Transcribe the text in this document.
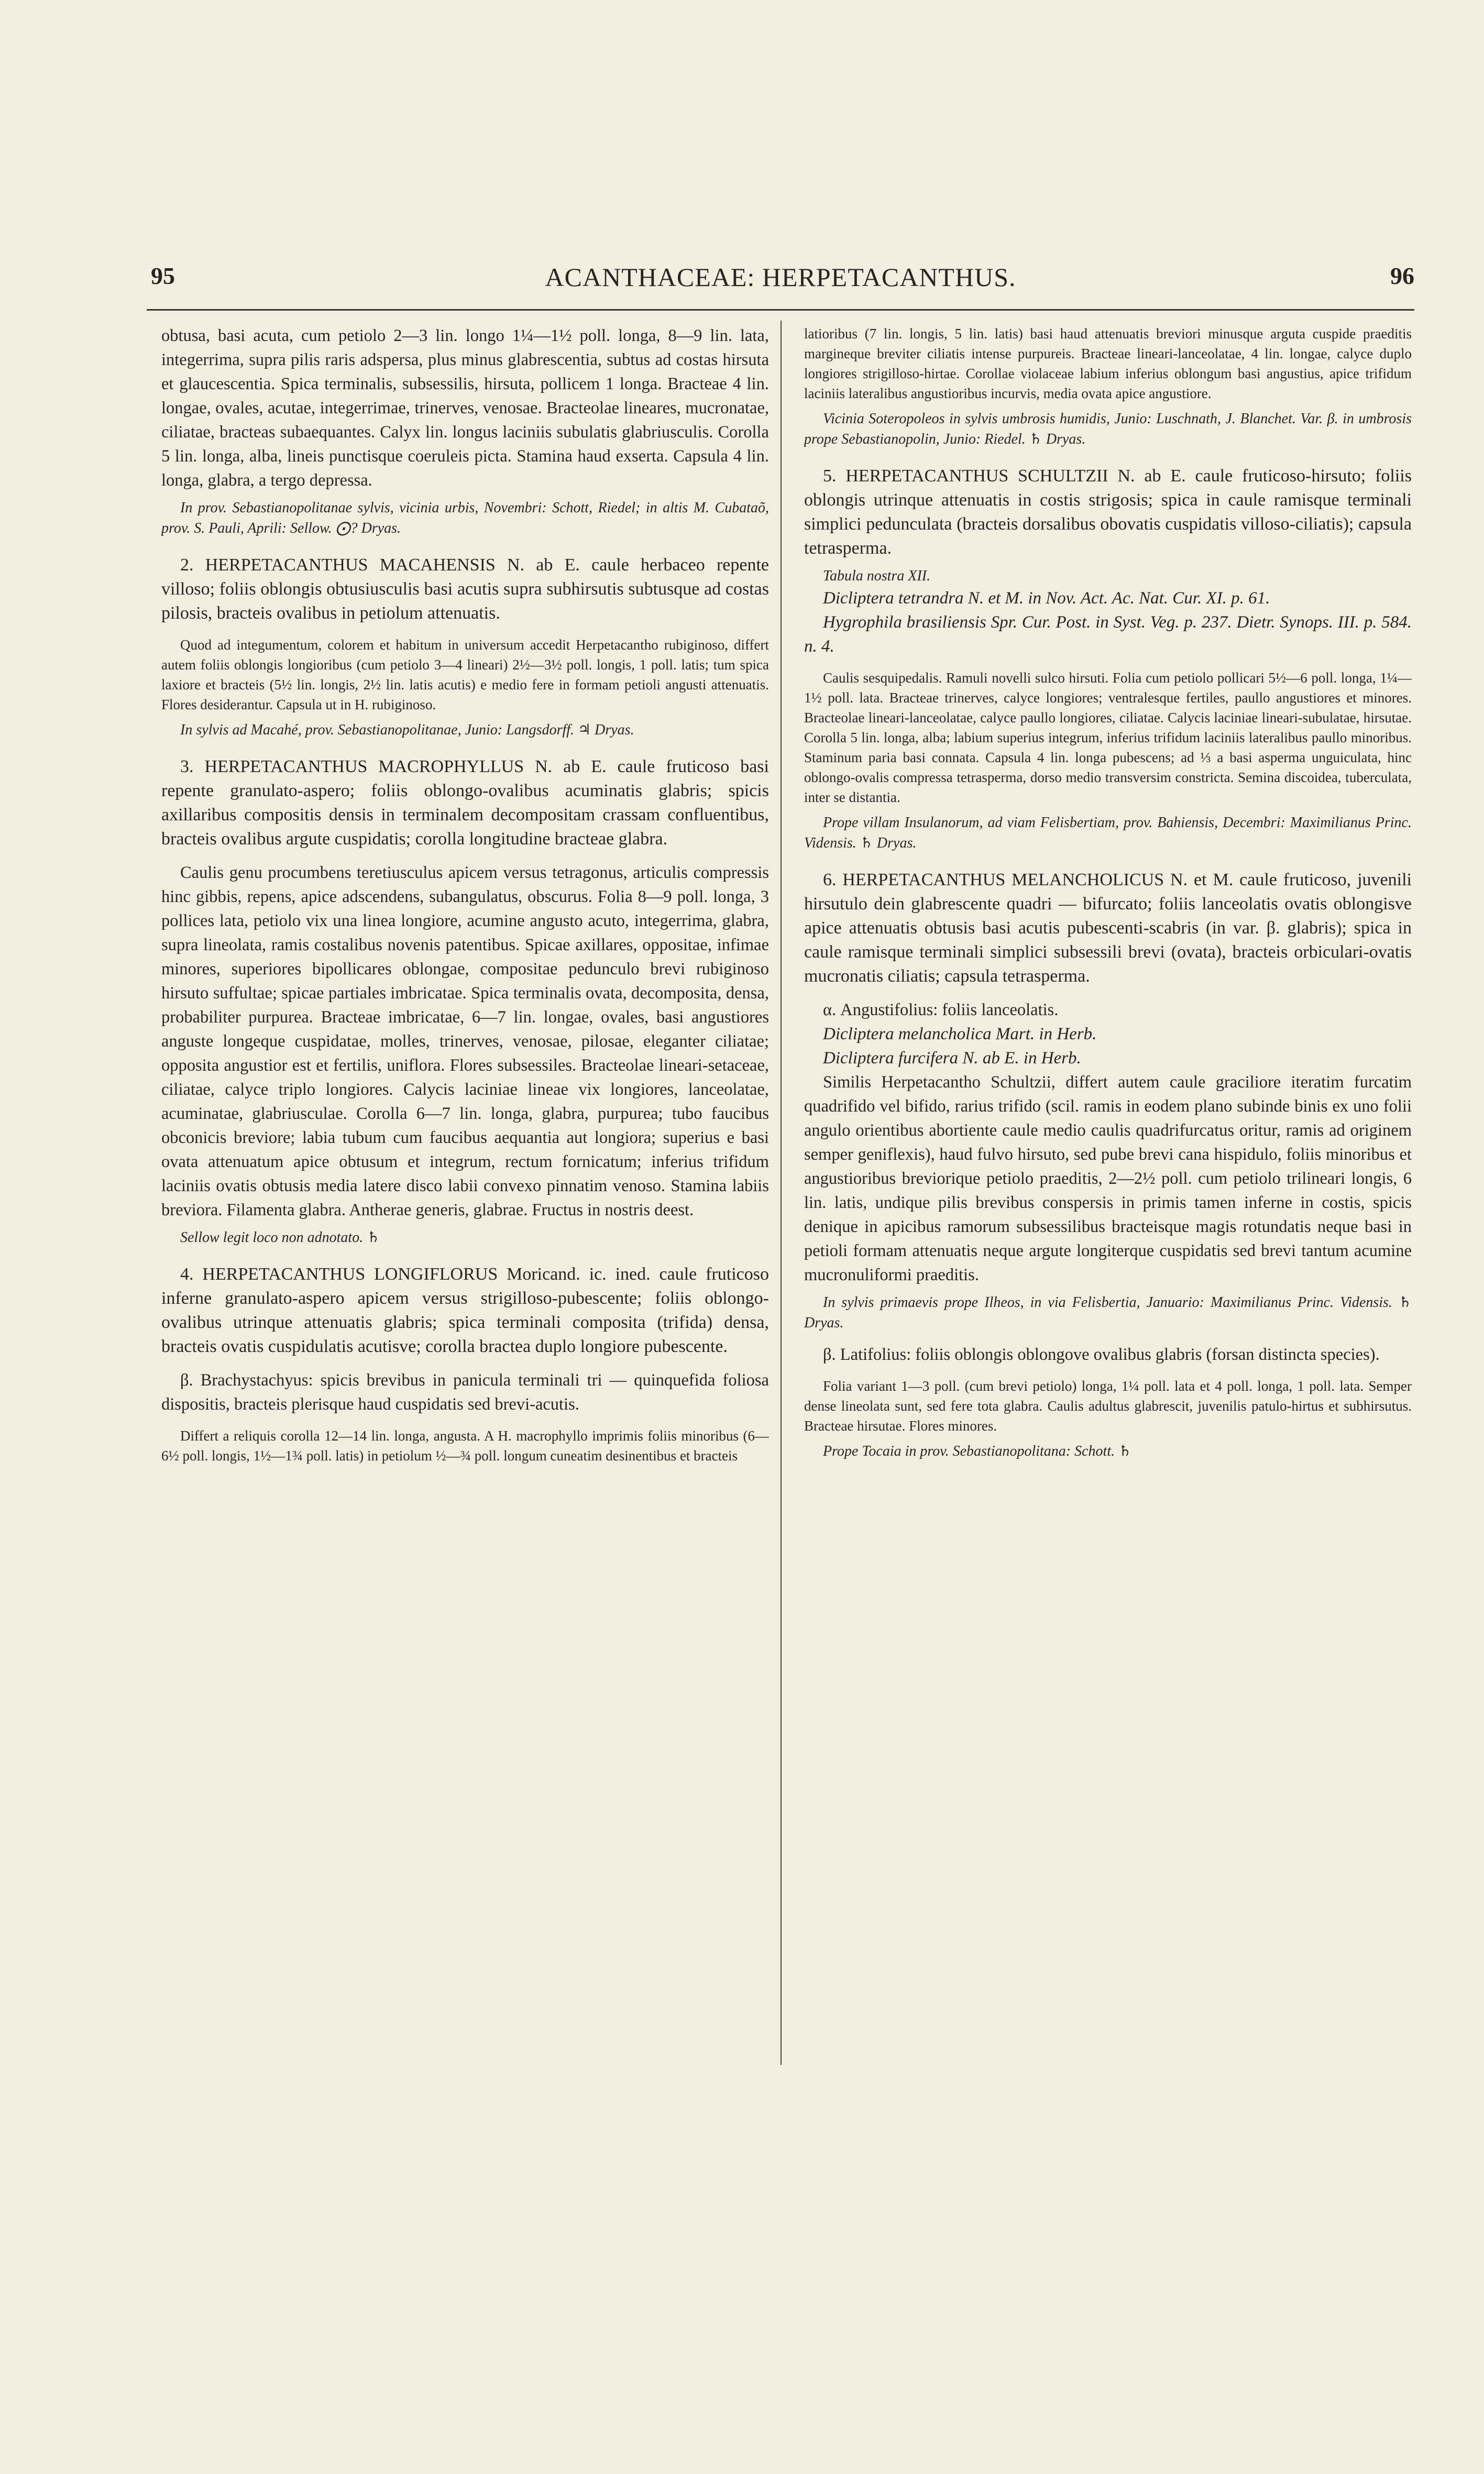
95	ACANTHACEAE: HERPETACANTHUS.	96

obtusa, basi acuta, cum petiolo 2—3 lin. longo 1¼—1½ poll. longa, 8—9 lin. lata, integerrima, supra pilis raris adspersa, plus minus glabrescentia, subtus ad costas hirsuta et glaucescentia. Spica terminalis, subsessilis, hirsuta, pollicem 1 longa. Bracteae 4 lin. longae, ovales, acutae, integerrimae, trinerves, venosae. Bracteolae lineares, mucronatae, ciliatae, bracteas subaequantes. Calyx lin. longus laciniis subulatis glabriusculis. Corolla 5 lin. longa, alba, lineis punctisque coeruleis picta. Stamina haud exserta. Capsula 4 lin. longa, glabra, a tergo depressa.

In prov. Sebastianopolitanae sylvis, vicinia urbis, Novembri: Schott, Riedel; in altis M. Cubataõ, prov. S. Pauli, Aprili: Sellow. ⨀? Dryas.

2. HERPETACANTHUS MACAHENSIS N. ab E. caule herbaceo repente villoso; foliis oblongis obtusiusculis basi acutis supra subhirsutis subtusque ad costas pilosis, bracteis ovalibus in petiolum attenuatis.

Quod ad integumentum, colorem et habitum in universum accedit Herpetacantho rubiginoso, differt autem foliis oblongis longioribus (cum petiolo 3—4 lineari) 2½—3½ poll. longis, 1 poll. latis; tum spica laxiore et bracteis (5½ lin. longis, 2½ lin. latis acutis) e medio fere in formam petioli angusti attenuatis. Flores desiderantur. Capsula ut in H. rubiginoso.

In sylvis ad Macahé, prov. Sebastianopolitanae, Junio: Langsdorff. ♃ Dryas.

3. HERPETACANTHUS MACROPHYLLUS N. ab E. caule fruticoso basi repente granulato-aspero; foliis oblongo-ovalibus acuminatis glabris; spicis axillaribus compositis densis in terminalem decompositam crassam confluentibus, bracteis ovalibus argute cuspidatis; corolla longitudine bracteae glabra.

Caulis genu procumbens teretiusculus apicem versus tetragonus, articulis compressis hinc gibbis, repens, apice adscendens, subangulatus, obscurus. Folia 8—9 poll. longa, 3 pollices lata, petiolo vix una linea longiore, acumine angusto acuto, integerrima, glabra, supra lineolata, ramis costalibus novenis patentibus. Spicae axillares, oppositae, infimae minores, superiores bipollicares oblongae, compositae pedunculo brevi rubiginoso hirsuto suffultae; spicae partiales imbricatae. Spica terminalis ovata, decomposita, densa, probabiliter purpurea. Bracteae imbricatae, 6—7 lin. longae, ovales, basi angustiores anguste longeque cuspidatae, molles, trinerves, venosae, pilosae, eleganter ciliatae; opposita angustior est et fertilis, uniflora. Flores subsessiles. Bracteolae lineari-setaceae, ciliatae, calyce triplo longiores. Calycis laciniae lineae vix longiores, lanceolatae, acuminatae, glabriusculae. Corolla 6—7 lin. longa, glabra, purpurea; tubo faucibus obconicis breviore; labia tubum cum faucibus aequantia aut longiora; superius e basi ovata attenuatum apice obtusum et integrum, rectum fornicatum; inferius trifidum laciniis ovatis obtusis media latere disco labii convexo pinnatim venoso. Stamina labiis breviora. Filamenta glabra. Antherae generis, glabrae. Fructus in nostris deest.

Sellow legit loco non adnotato. ♄

4. HERPETACANTHUS LONGIFLORUS Moricand. ic. ined. caule fruticoso inferne granulato-aspero apicem versus strigilloso-pubescente; foliis oblongo-ovalibus utrinque attenuatis glabris; spica terminali composita (trifida) densa, bracteis ovatis cuspidulatis acutisve; corolla bractea duplo longiore pubescente.

β. Brachystachyus: spicis brevibus in panicula terminali tri — quinquefida foliosa dispositis, bracteis plerisque haud cuspidatis sed brevi-acutis.

Differt a reliquis corolla 12—14 lin. longa, angusta. A H. macrophyllo imprimis foliis minoribus (6—6½ poll. longis, 1½—1¾ poll. latis) in petiolum ½—¾ poll. longum cuneatim desinentibus et bracteis

latioribus (7 lin. longis, 5 lin. latis) basi haud attenuatis breviori minusque arguta cuspide praeditis margineque breviter ciliatis intense purpureis. Bracteae lineari-lanceolatae, 4 lin. longae, calyce duplo longiores strigilloso-hirtae. Corollae violaceae labium inferius oblongum basi angustius, apice trifidum laciniis lateralibus angustioribus incurvis, media ovata apice angustiore.

Vicinia Soteropoleos in sylvis umbrosis humidis, Junio: Luschnath, J. Blanchet. Var. β. in umbrosis prope Sebastianopolin, Junio: Riedel. ♄ Dryas.

5. HERPETACANTHUS SCHULTZII N. ab E. caule fruticoso-hirsuto; foliis oblongis utrinque attenuatis in costis strigosis; spica in caule ramisque terminali simplici pedunculata (bracteis dorsalibus obovatis cuspidatis villoso-ciliatis); capsula tetrasperma.

Tabula nostra XII.

Dicliptera tetrandra N. et M. in Nov. Act. Ac. Nat. Cur. XI. p. 61.

Hygrophila brasiliensis Spr. Cur. Post. in Syst. Veg. p. 237. Dietr. Synops. III. p. 584. n. 4.

Caulis sesquipedalis. Ramuli novelli sulco hirsuti. Folia cum petiolo pollicari 5½—6 poll. longa, 1¼—1½ poll. lata. Bracteae trinerves, calyce longiores; ventralesque fertiles, paullo angustiores et minores. Bracteolae lineari-lanceolatae, calyce paullo longiores, ciliatae. Calycis laciniae lineari-subulatae, hirsutae. Corolla 5 lin. longa, alba; labium superius integrum, inferius trifidum laciniis lateralibus paullo minoribus. Staminum paria basi connata. Capsula 4 lin. longa pubescens; ad ⅓ a basi asperma unguiculata, hinc oblongo-ovalis compressa tetrasperma, dorso medio transversim constricta. Semina discoidea, tuberculata, inter se distantia.

Prope villam Insulanorum, ad viam Felisbertiam, prov. Bahiensis, Decembri: Maximilianus Princ. Vidensis. ♄ Dryas.

6. HERPETACANTHUS MELANCHOLICUS N. et M. caule fruticoso, juvenili hirsutulo dein glabrescente quadri — bifurcato; foliis lanceolatis ovatis oblongisve apice attenuatis obtusis basi acutis pubescenti-scabris (in var. β. glabris); spica in caule ramisque terminali simplici subsessili brevi (ovata), bracteis orbiculari-ovatis mucronatis ciliatis; capsula tetrasperma.

α. Angustifolius: foliis lanceolatis.

Dicliptera melancholica Mart. in Herb.

Dicliptera furcifera N. ab E. in Herb.

Similis Herpetacantho Schultzii, differt autem caule graciliore iteratim furcatim quadrifido vel bifido, rarius trifido (scil. ramis in eodem plano subinde binis ex uno folii angulo orientibus abortiente caule medio caulis quadrifurcatus oritur, ramis ad originem semper geniflexis), haud fulvo hirsuto, sed pube brevi cana hispidulo, foliis minoribus et angustioribus breviorique petiolo praeditis, 2—2½ poll. cum petiolo trilineari longis, 6 lin. latis, undique pilis brevibus conspersis in primis tamen inferne in costis, spicis denique in apicibus ramorum subsessilibus bracteisque magis rotundatis neque basi in petioli formam attenuatis neque argute longiterque cuspidatis sed brevi tantum acumine mucronuliformi praeditis.

In sylvis primaevis prope Ilheos, in via Felisbertia, Januario: Maximilianus Princ. Vidensis. ♄ Dryas.

β. Latifolius: foliis oblongis oblongove ovalibus glabris (forsan distincta species).

Folia variant 1—3 poll. (cum brevi petiolo) longa, 1¼ poll. lata et 4 poll. longa, 1 poll. lata. Semper dense lineolata sunt, sed fere tota glabra. Caulis adultus glabrescit, juvenilis patulo-hirtus et subhirsutus. Bracteae hirsutae. Flores minores.

Prope Tocaia in prov. Sebastianopolitana: Schott. ♄
